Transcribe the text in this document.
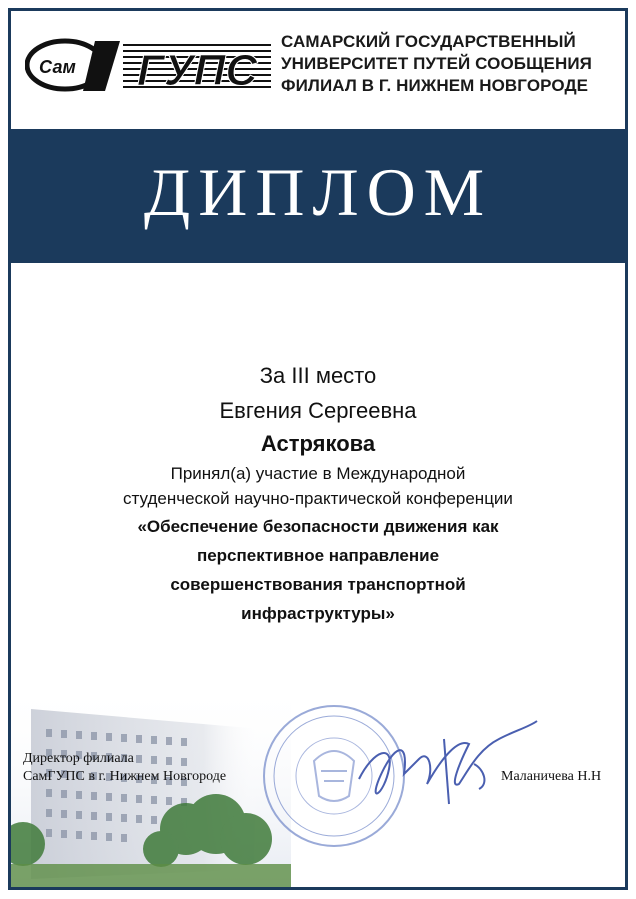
ГУПС
Сам
САМАРСКИЙ ГОСУДАРСТВЕННЫЙ
УНИВЕРСИТЕТ ПУТЕЙ СООБЩЕНИЯ
ФИЛИАЛ В Г. НИЖНЕМ НОВГОРОДЕ
ДИПЛОМ
За III место
Евгения Сергеевна
Астрякова
Принял(а) участие в Международной
студенческой научно-практической конференции
«Обеспечение безопасности движения как
перспективное направление
совершенствования транспортной
инфраструктуры»
Директор филиала
СамГУПС в г. Нижнем Новгороде	Маланичева Н.Н
